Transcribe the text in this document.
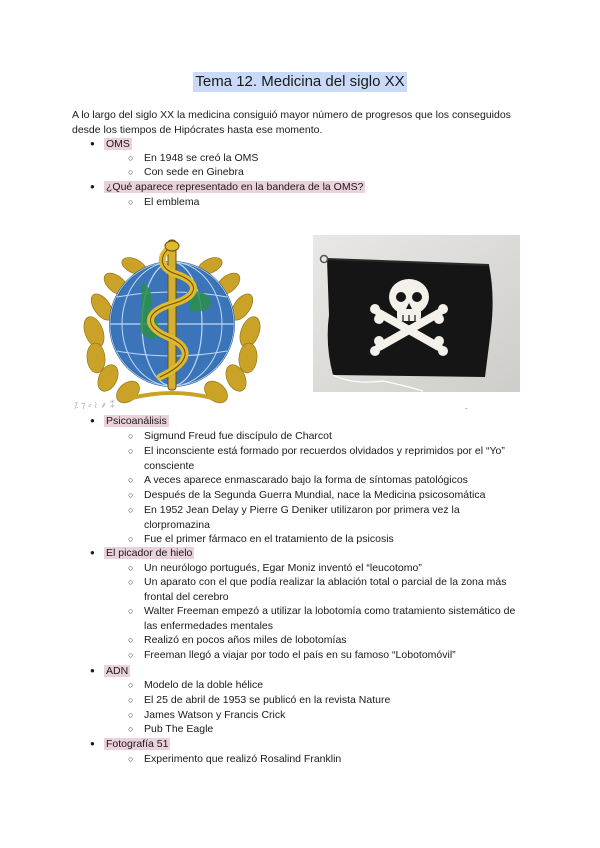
Tema 12. Medicina del siglo XX
A lo largo del siglo XX la medicina consiguió mayor número de progresos que los conseguidos desde los tiempos de Hipócrates hasta ese momento.
● OMS
○ En 1948 se creó la OMS
○ Con sede en Ginebra
● ¿Qué aparece representado en la bandera de la OMS?
○ El emblema
⁒ ⁊ ⸗ ≀ ⸙ ⁑	.
● Psicoanálisis
○ Sigmund Freud fue discípulo de Charcot
○ El inconsciente está formado por recuerdos olvidados y reprimidos por el “Yo” consciente
○ A veces aparece enmascarado bajo la forma de síntomas patológicos
○ Después de la Segunda Guerra Mundial, nace la Medicina psicosomática
○ En 1952 Jean Delay y Pierre G Deniker utilizaron por primera vez la clorpromazina
○ Fue el primer fármaco en el tratamiento de la psicosis
● El picador de hielo
○ Un neurólogo portugués, Egar Moniz inventó el “leucotomo”
○ Un aparato con el que podía realizar la ablación total o parcial de la zona más frontal del cerebro
○ Walter Freeman empezó a utilizar la lobotomía como tratamiento sistemático de las enfermedades mentales
○ Realizó en pocos años miles de lobotomías
○ Freeman llegó a viajar por todo el país en su famoso “Lobotomóvil”
● ADN
○ Modelo de la doble hélice
○ El 25 de abril de 1953 se publicó en la revista Nature
○ James Watson y Francis Crick
○ Pub The Eagle
● Fotografía 51
○ Experimento que realizó Rosalind Franklin
